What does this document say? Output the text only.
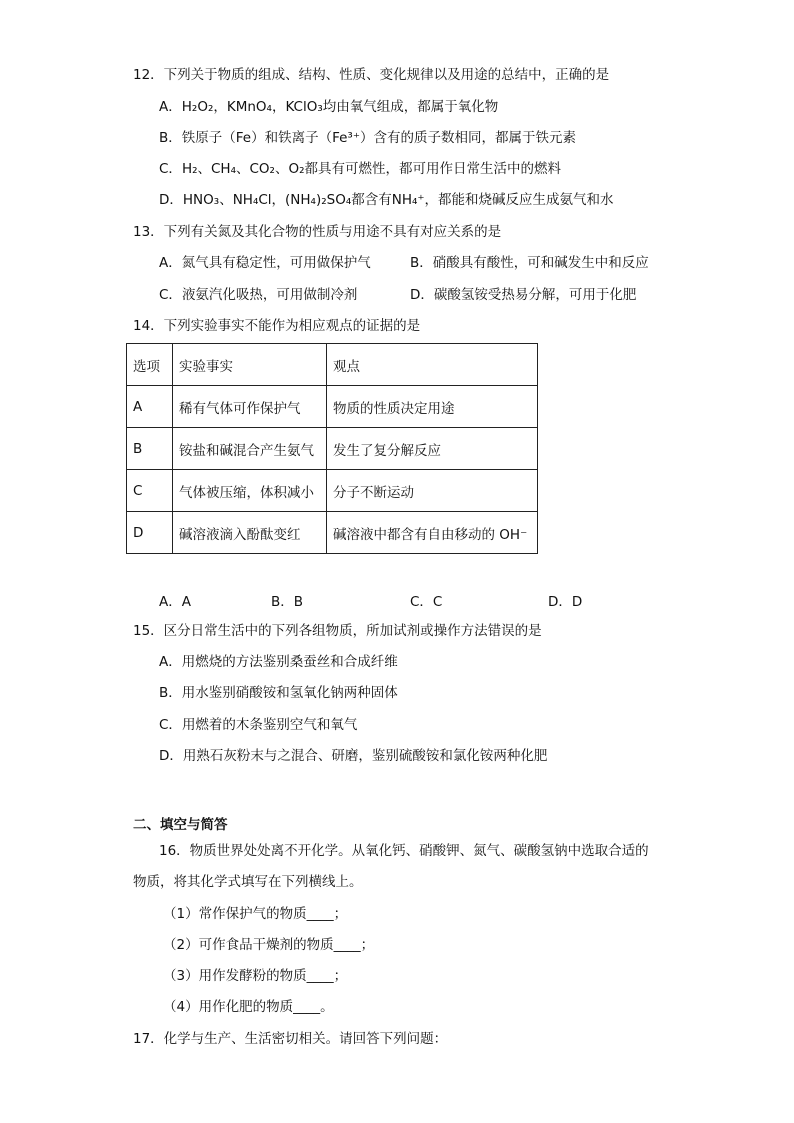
12．下列关于物质的组成、结构、性质、变化规律以及用途的总结中，正确的是
A．H₂O₂，KMnO₄，KClO₃均由氧气组成，都属于氧化物
B．铁原子（Fe）和铁离子（Fe³⁺）含有的质子数相同，都属于铁元素
C．H₂、CH₄、CO₂、O₂都具有可燃性，都可用作日常生活中的燃料
D．HNO₃、NH₄Cl，(NH₄)₂SO₄都含有NH₄⁺，都能和烧碱反应生成氨气和水
13．下列有关氮及其化合物的性质与用途不具有对应关系的是
A．氮气具有稳定性，可用做保护气	B．硝酸具有酸性，可和碱发生中和反应
C．液氨汽化吸热，可用做制冷剂	D．碳酸氢铵受热易分解，可用于化肥
14．下列实验事实不能作为相应观点的证据的是
选项	实验事实	观点
A	稀有气体可作保护气	物质的性质决定用途
B	铵盐和碱混合产生氨气	发生了复分解反应
C	气体被压缩，体积减小	分子不断运动
D	碱溶液滴入酚酞变红	碱溶液中都含有自由移动的 OH⁻
A．A	B．B	C．C	D．D
15．区分日常生活中的下列各组物质，所加试剂或操作方法错误的是
A．用燃烧的方法鉴别桑蚕丝和合成纤维
B．用水鉴别硝酸铵和氢氧化钠两种固体
C．用燃着的木条鉴别空气和氧气
D．用熟石灰粉末与之混合、研磨，鉴别硫酸铵和氯化铵两种化肥
二、填空与简答
16．物质世界处处离不开化学。从氧化钙、硝酸钾、氮气、碳酸氢钠中选取合适的
物质，将其化学式填写在下列横线上。
（1）常作保护气的物质____；
（2）可作食品干燥剂的物质____；
（3）用作发酵粉的物质____；
（4）用作化肥的物质____。
17．化学与生产、生活密切相关。请回答下列问题：
